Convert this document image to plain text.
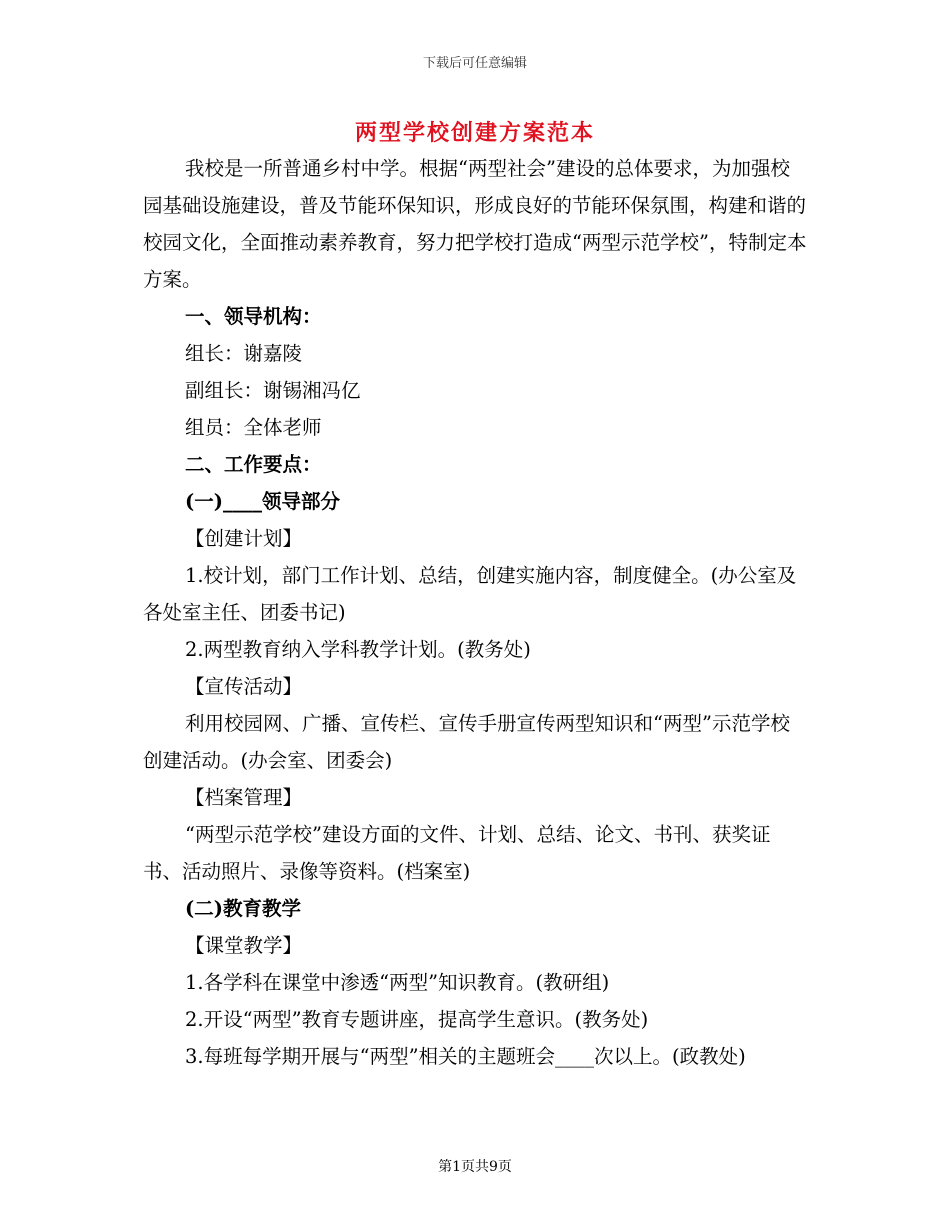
下载后可任意编辑
两型学校创建方案范本

我校是一所普通乡村中学。根据“两型社会”建设的总体要求，为加强校园基础设施建设，普及节能环保知识，形成良好的节能环保氛围，构建和谐的校园文化，全面推动素养教育，努力把学校打造成“两型示范学校”，特制定本方案。

一、领导机构：

组长：谢嘉陵

副组长：谢锡湘冯亿

组员：全体老师

二、工作要点：

(一)____领导部分

【创建计划】

1.校计划，部门工作计划、总结，创建实施内容，制度健全。(办公室及各处室主任、团委书记)

2.两型教育纳入学科教学计划。(教务处)

【宣传活动】

利用校园网、广播、宣传栏、宣传手册宣传两型知识和“两型”示范学校创建活动。(办会室、团委会)

【档案管理】

“两型示范学校”建设方面的文件、计划、总结、论文、书刊、获奖证书、活动照片、录像等资料。(档案室)

(二)教育教学

【课堂教学】

1.各学科在课堂中渗透“两型”知识教育。(教研组)

2.开设“两型”教育专题讲座，提高学生意识。(教务处)

3.每班每学期开展与“两型”相关的主题班会____次以上。(政教处)

第1页共9页
